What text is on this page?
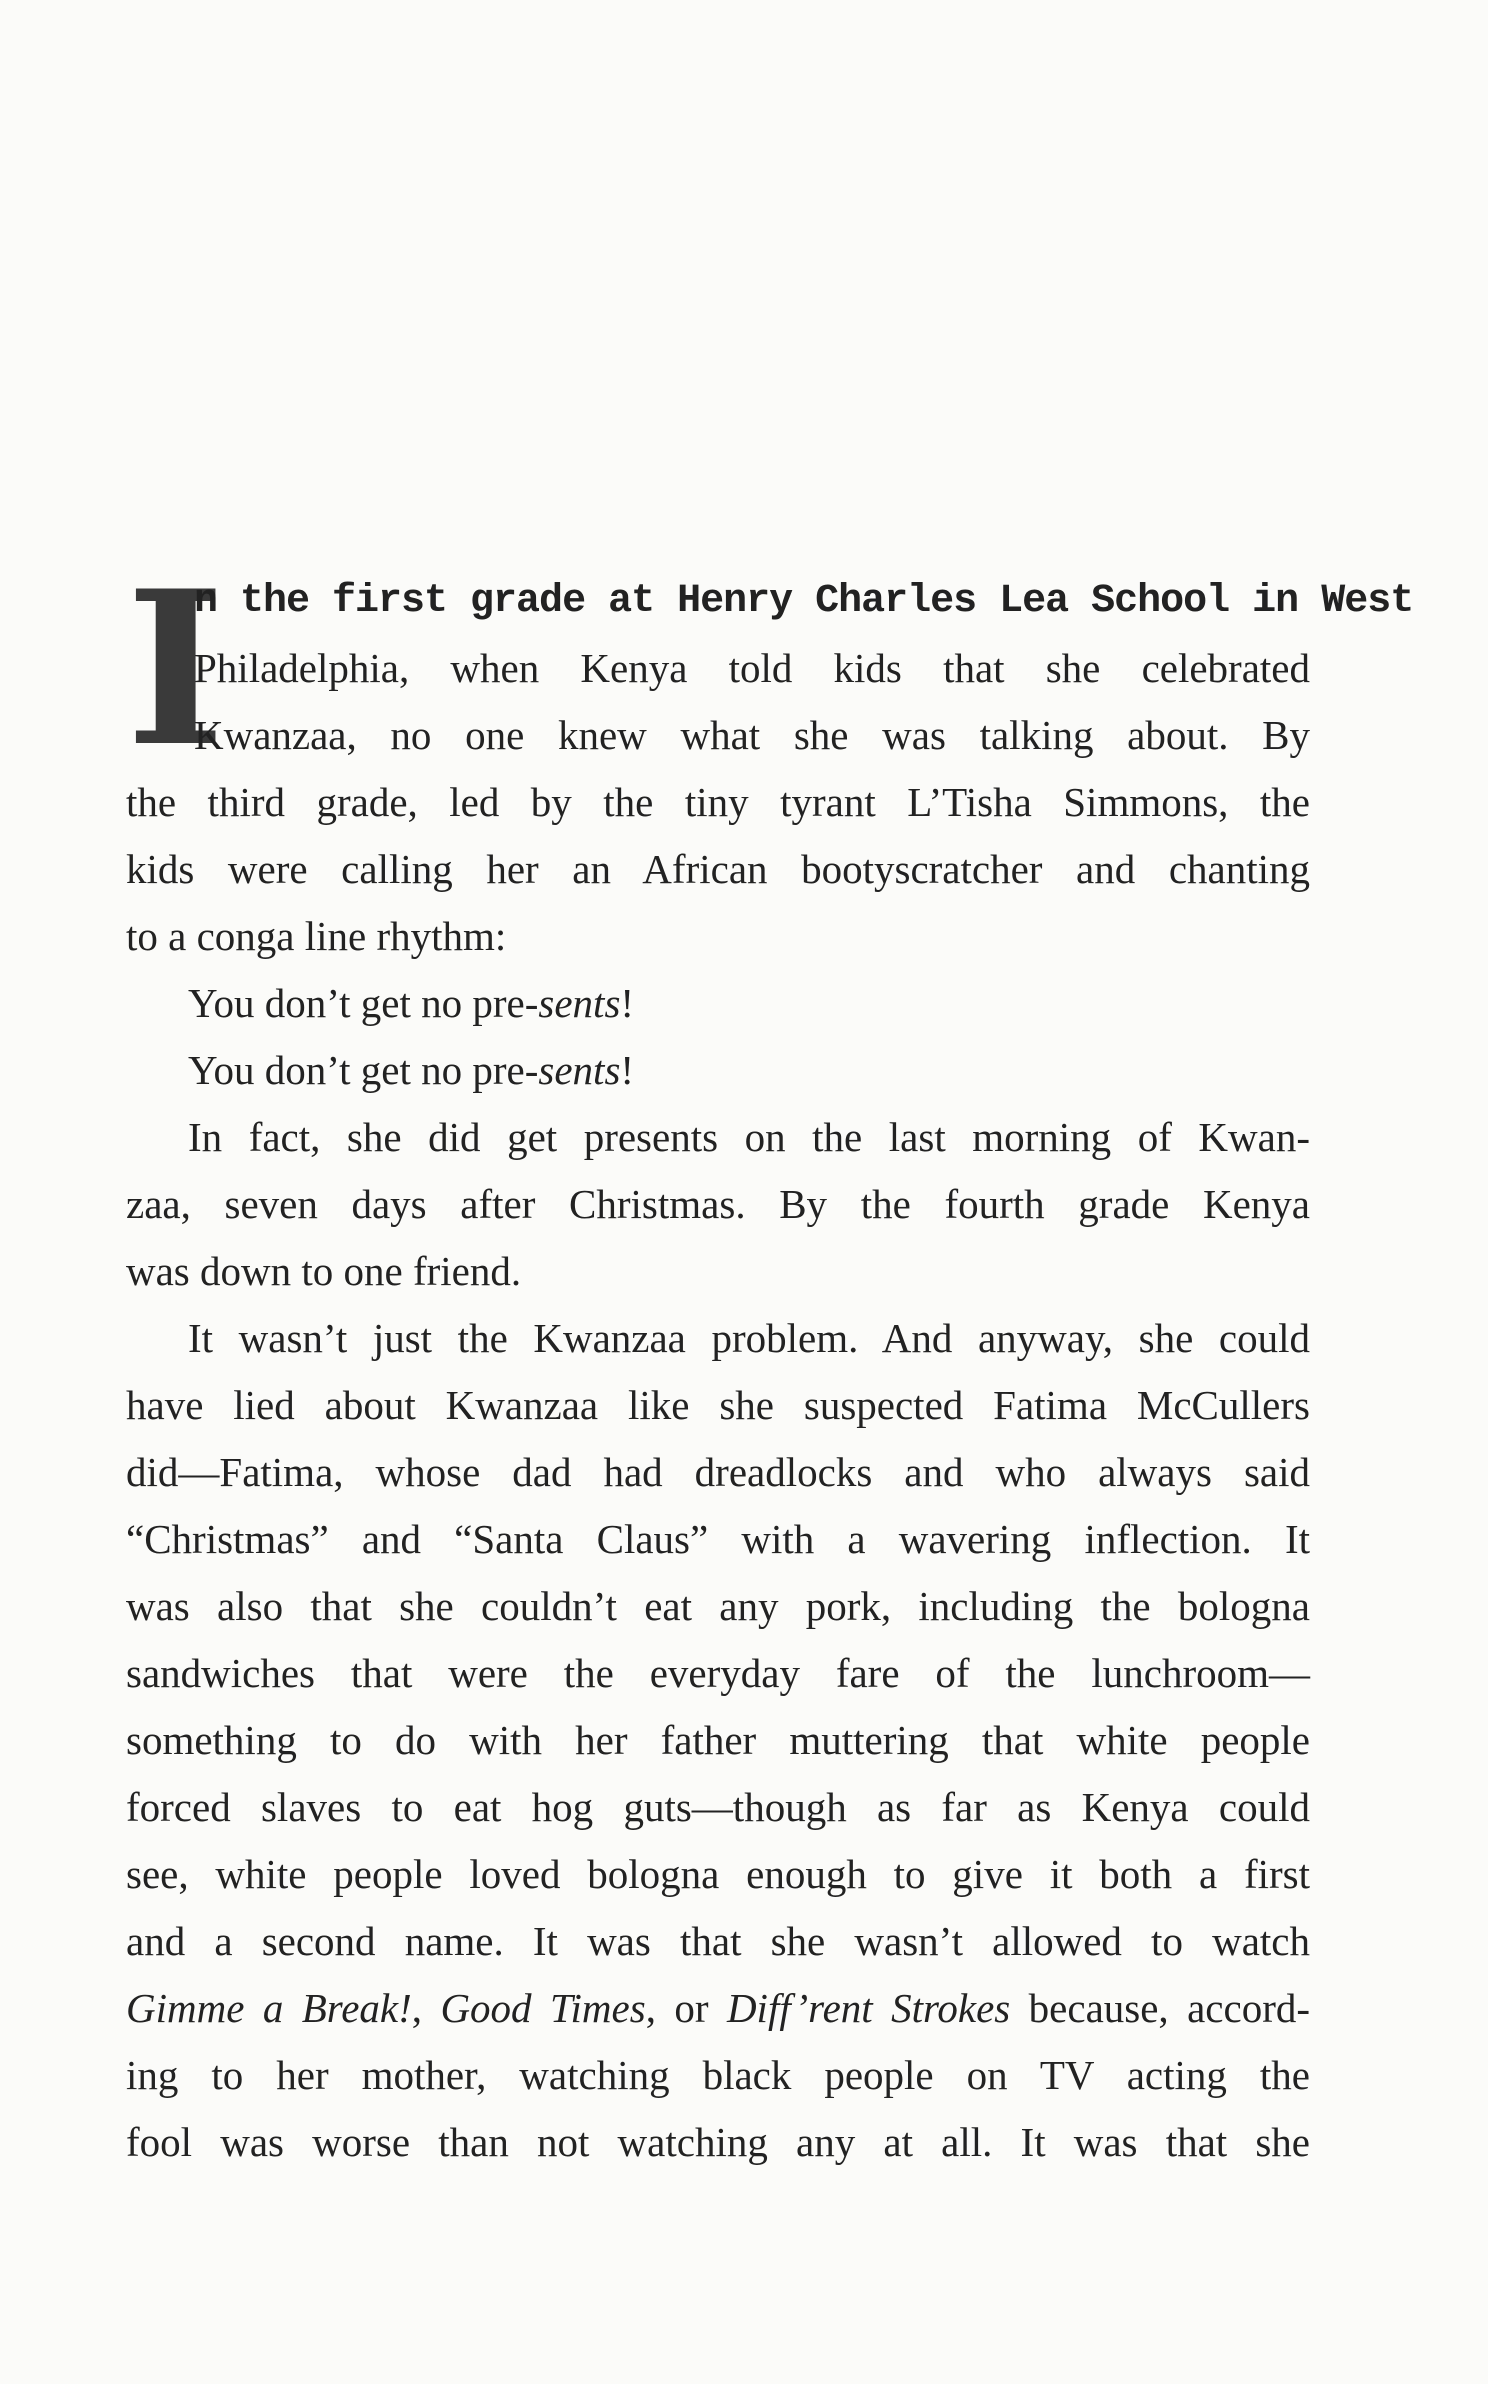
I
n the first grade at Henry Charles Lea School in West
Philadelphia, when Kenya told kids that she celebrated
Kwanzaa, no one knew what she was talking about. By
the third grade, led by the tiny tyrant L’Tisha Simmons, the
kids were calling her an African bootyscratcher and chanting
to a conga line rhythm:
You don’t get no pre-sents!
You don’t get no pre-sents!
In fact, she did get presents on the last morning of Kwan-
zaa, seven days after Christmas. By the fourth grade Kenya
was down to one friend.
It wasn’t just the Kwanzaa problem. And anyway, she could
have lied about Kwanzaa like she suspected Fatima McCullers
did—Fatima, whose dad had dreadlocks and who always said
“Christmas” and “Santa Claus” with a wavering inflection. It
was also that she couldn’t eat any pork, including the bologna
sandwiches that were the everyday fare of the lunchroom—
something to do with her father muttering that white people
forced slaves to eat hog guts—though as far as Kenya could
see, white people loved bologna enough to give it both a first
and a second name. It was that she wasn’t allowed to watch
Gimme a Break!, Good Times, or Diff’rent Strokes because, accord-
ing to her mother, watching black people on TV acting the
fool was worse than not watching any at all. It was that she
